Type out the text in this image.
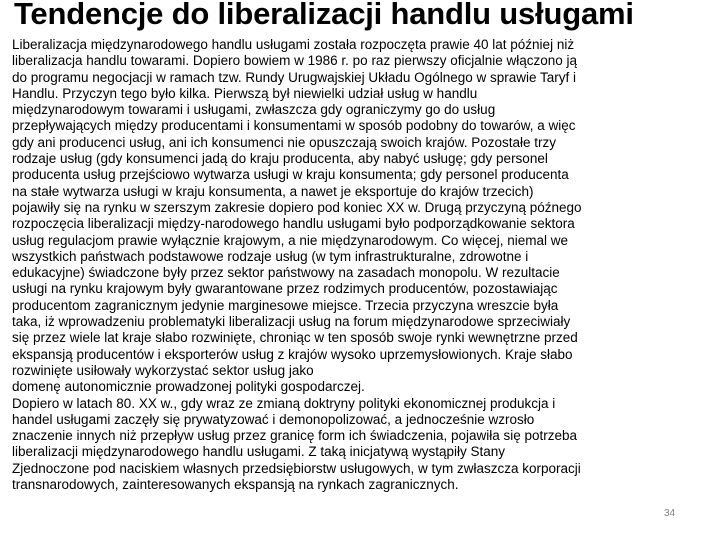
Tendencje do liberalizacji handlu usługami
Liberalizacja międzynarodowego handlu usługami została rozpoczęta prawie 40 lat później niż
liberalizacja handlu towarami. Dopiero bowiem w 1986 r. po raz pierwszy oficjalnie włączono ją
do programu negocjacji w ramach tzw. Rundy Urugwajskiej Układu Ogólnego w sprawie Taryf i
Handlu. Przyczyn tego było kilka. Pierwszą był niewielki udział usług w handlu
międzynarodowym towarami i usługami, zwłaszcza gdy ograniczymy go do usług
przepływających między producentami i konsumentami w sposób podobny do towarów, a więc
gdy ani producenci usług, ani ich konsumenci nie opuszczają swoich krajów. Pozostałe trzy
rodzaje usług (gdy konsumenci jadą do kraju producenta, aby nabyć usługę; gdy personel
producenta usług przejściowo wytwarza usługi w kraju konsumenta; gdy personel producenta
na stałe wytwarza usługi w kraju konsumenta, a nawet je eksportuje do krajów trzecich)
pojawiły się na rynku w szerszym zakresie dopiero pod koniec XX w. Drugą przyczyną późnego
rozpoczęcia liberalizacji między-narodowego handlu usługami było podporządkowanie sektora
usług regulacjom prawie wyłącznie krajowym, a nie międzynarodowym. Co więcej, niemal we
wszystkich państwach podstawowe rodzaje usług (w tym infrastrukturalne, zdrowotne i
edukacyjne) świadczone były przez sektor państwowy na zasadach monopolu. W rezultacie
usługi na rynku krajowym były gwarantowane przez rodzimych producentów, pozostawiając
producentom zagranicznym jedynie marginesowe miejsce. Trzecia przyczyna wreszcie była
taka, iż wprowadzeniu problematyki liberalizacji usług na forum międzynarodowe sprzeciwiały
się przez wiele lat kraje słabo rozwinięte, chroniąc w ten sposób swoje rynki wewnętrzne przed
ekspansją producentów i eksporterów usług z krajów wysoko uprzemysłowionych. Kraje słabo
rozwinięte usiłowały wykorzystać sektor usług jako
domenę autonomicznie prowadzonej polityki gospodarczej.
Dopiero w latach 80. XX w., gdy wraz ze zmianą doktryny polityki ekonomicznej produkcja i
handel usługami zaczęły się prywatyzować i demonopolizować, a jednocześnie wzrosło
znaczenie innych niż przepływ usług przez granicę form ich świadczenia, pojawiła się potrzeba
liberalizacji międzynarodowego handlu usługami. Z taką inicjatywą wystąpiły Stany
Zjednoczone pod naciskiem własnych przedsiębiorstw usługowych, w tym zwłaszcza korporacji
transnarodowych, zainteresowanych ekspansją na rynkach zagranicznych.
34
